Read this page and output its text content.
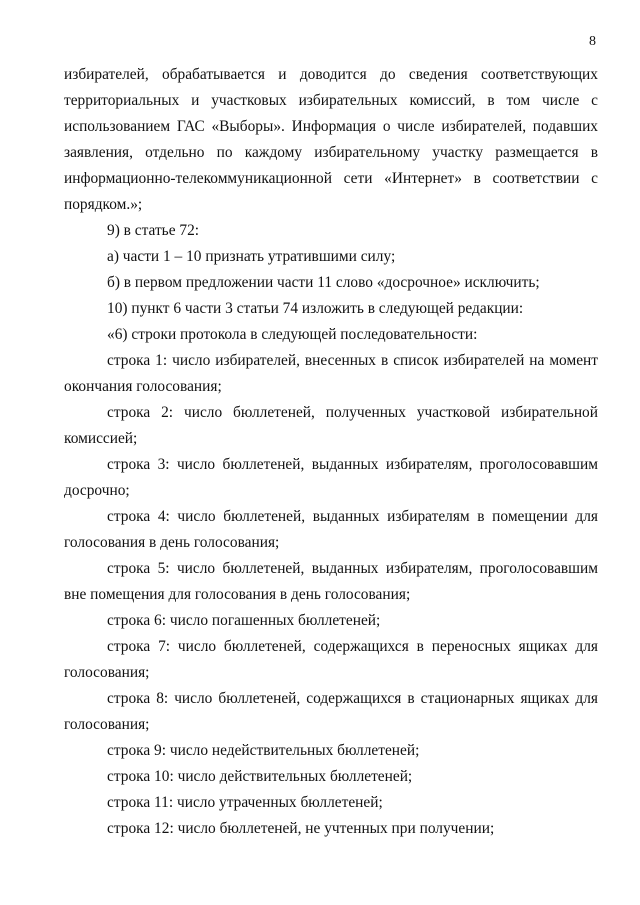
8

избирателей, обрабатывается и доводится до сведения соответствующих территориальных и участковых избирательных комиссий, в том числе с использованием ГАС «Выборы». Информация о числе избирателей, подавших заявления, отдельно по каждому избирательному участку размещается в информационно-телекоммуникационной сети «Интернет» в соответствии с порядком.»;

9) в статье 72:

а) части 1 – 10 признать утратившими силу;

б) в первом предложении части 11 слово «досрочное» исключить;

10) пункт 6 части 3 статьи 74 изложить в следующей редакции:

«6) строки протокола в следующей последовательности:

строка 1: число избирателей, внесенных в список избирателей на момент окончания голосования;

строка 2: число бюллетеней, полученных участковой избирательной комиссией;

строка 3: число бюллетеней, выданных избирателям, проголосовавшим досрочно;

строка 4: число бюллетеней, выданных избирателям в помещении для голосования в день голосования;

строка 5: число бюллетеней, выданных избирателям, проголосовавшим вне помещения для голосования в день голосования;

строка 6: число погашенных бюллетеней;

строка 7: число бюллетеней, содержащихся в переносных ящиках для голосования;

строка 8: число бюллетеней, содержащихся в стационарных ящиках для голосования;

строка 9: число недействительных бюллетеней;

строка 10: число действительных бюллетеней;

строка 11: число утраченных бюллетеней;

строка 12: число бюллетеней, не учтенных при получении;
